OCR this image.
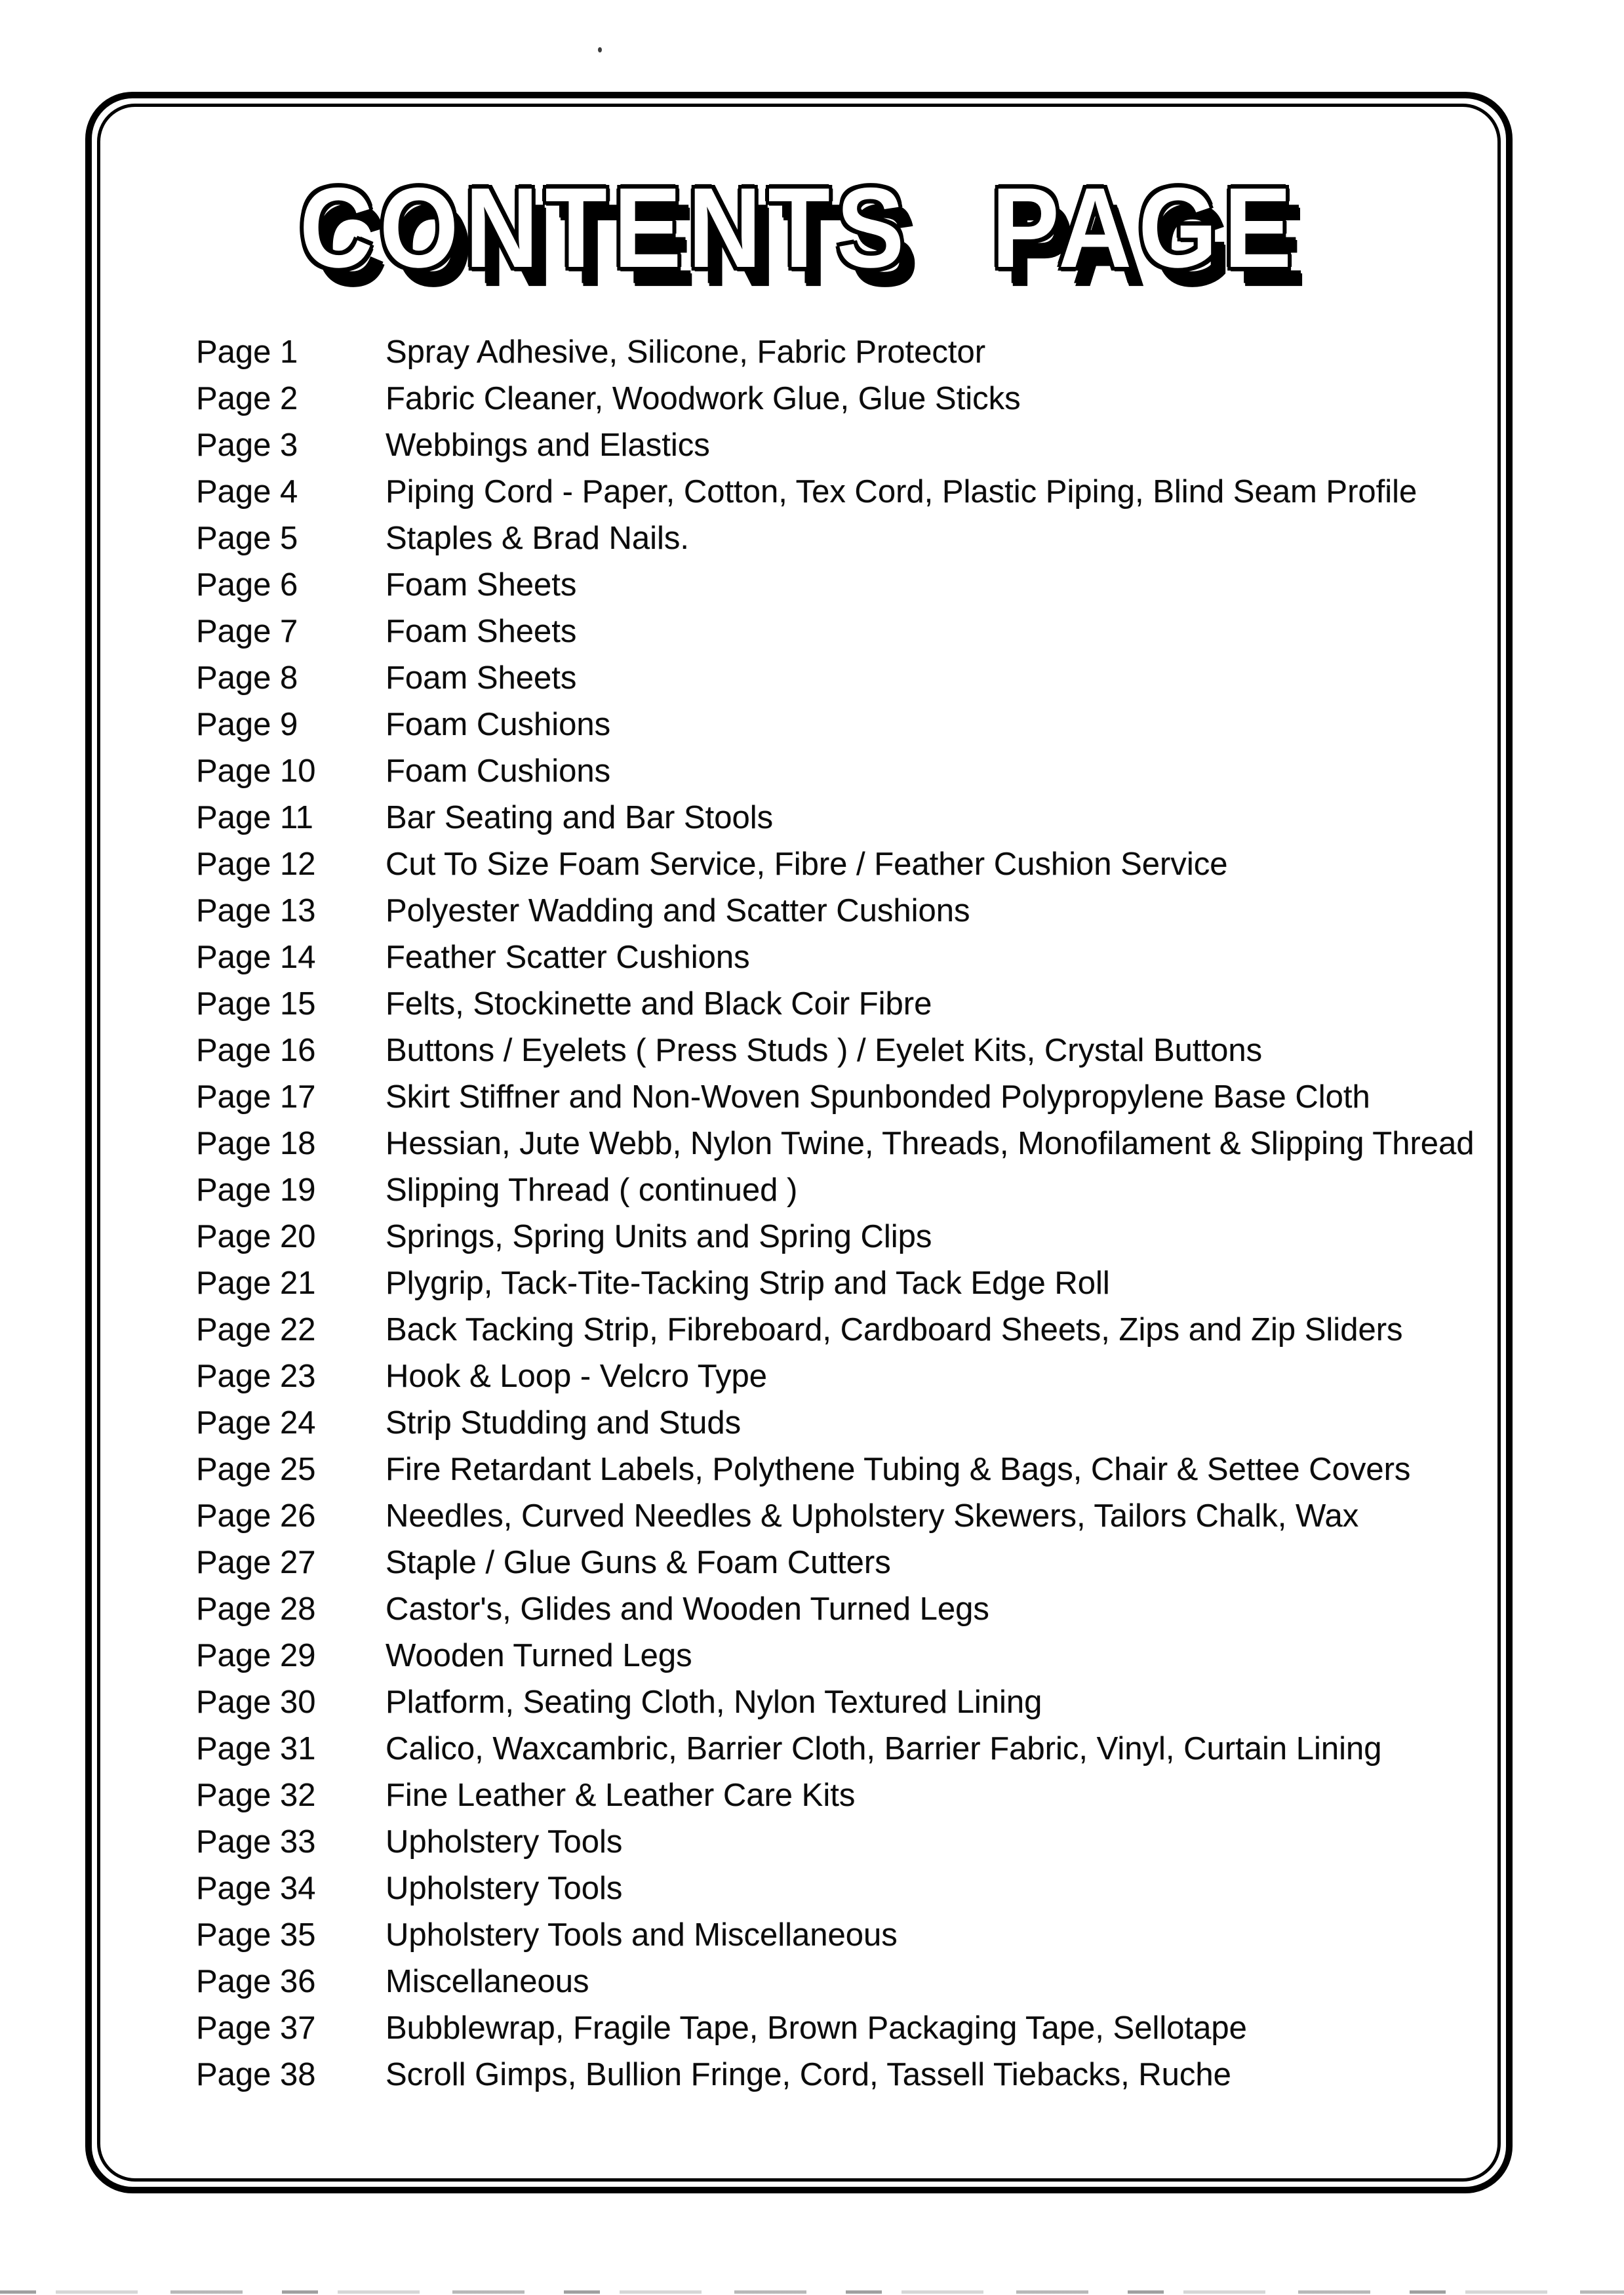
CONTENTS PAGE
Page 1	Spray Adhesive, Silicone, Fabric Protector
Page 2	Fabric Cleaner, Woodwork Glue, Glue Sticks
Page 3	Webbings and Elastics
Page 4	Piping Cord - Paper, Cotton, Tex Cord, Plastic Piping, Blind Seam Profile
Page 5	Staples & Brad Nails.
Page 6	Foam Sheets
Page 7	Foam Sheets
Page 8	Foam Sheets
Page 9	Foam Cushions
Page 10	Foam Cushions
Page 11	Bar Seating and Bar Stools
Page 12	Cut To Size Foam Service, Fibre / Feather Cushion Service
Page 13	Polyester Wadding and Scatter Cushions
Page 14	Feather Scatter Cushions
Page 15	Felts, Stockinette and Black Coir Fibre
Page 16	Buttons / Eyelets ( Press Studs ) / Eyelet Kits, Crystal Buttons
Page 17	Skirt Stiffner and Non-Woven Spunbonded Polypropylene Base Cloth
Page 18	Hessian, Jute Webb, Nylon Twine, Threads, Monofilament & Slipping Thread
Page 19	Slipping Thread ( continued )
Page 20	Springs, Spring Units and Spring Clips
Page 21	Plygrip, Tack-Tite-Tacking Strip and Tack Edge Roll
Page 22	Back Tacking Strip, Fibreboard, Cardboard Sheets, Zips and Zip Sliders
Page 23	Hook & Loop - Velcro Type
Page 24	Strip Studding and Studs
Page 25	Fire Retardant Labels, Polythene Tubing & Bags, Chair & Settee Covers
Page 26	Needles, Curved Needles & Upholstery Skewers, Tailors Chalk, Wax
Page 27	Staple / Glue Guns & Foam Cutters
Page 28	Castor's, Glides and Wooden Turned Legs
Page 29	Wooden Turned Legs
Page 30	Platform, Seating Cloth, Nylon Textured Lining
Page 31	Calico, Waxcambric, Barrier Cloth, Barrier Fabric, Vinyl, Curtain Lining
Page 32	Fine Leather & Leather Care Kits
Page 33	Upholstery Tools
Page 34	Upholstery Tools
Page 35	Upholstery Tools and Miscellaneous
Page 36	Miscellaneous
Page 37	Bubblewrap, Fragile Tape, Brown Packaging Tape, Sellotape
Page 38	Scroll Gimps, Bullion Fringe, Cord, Tassell Tiebacks, Ruche
